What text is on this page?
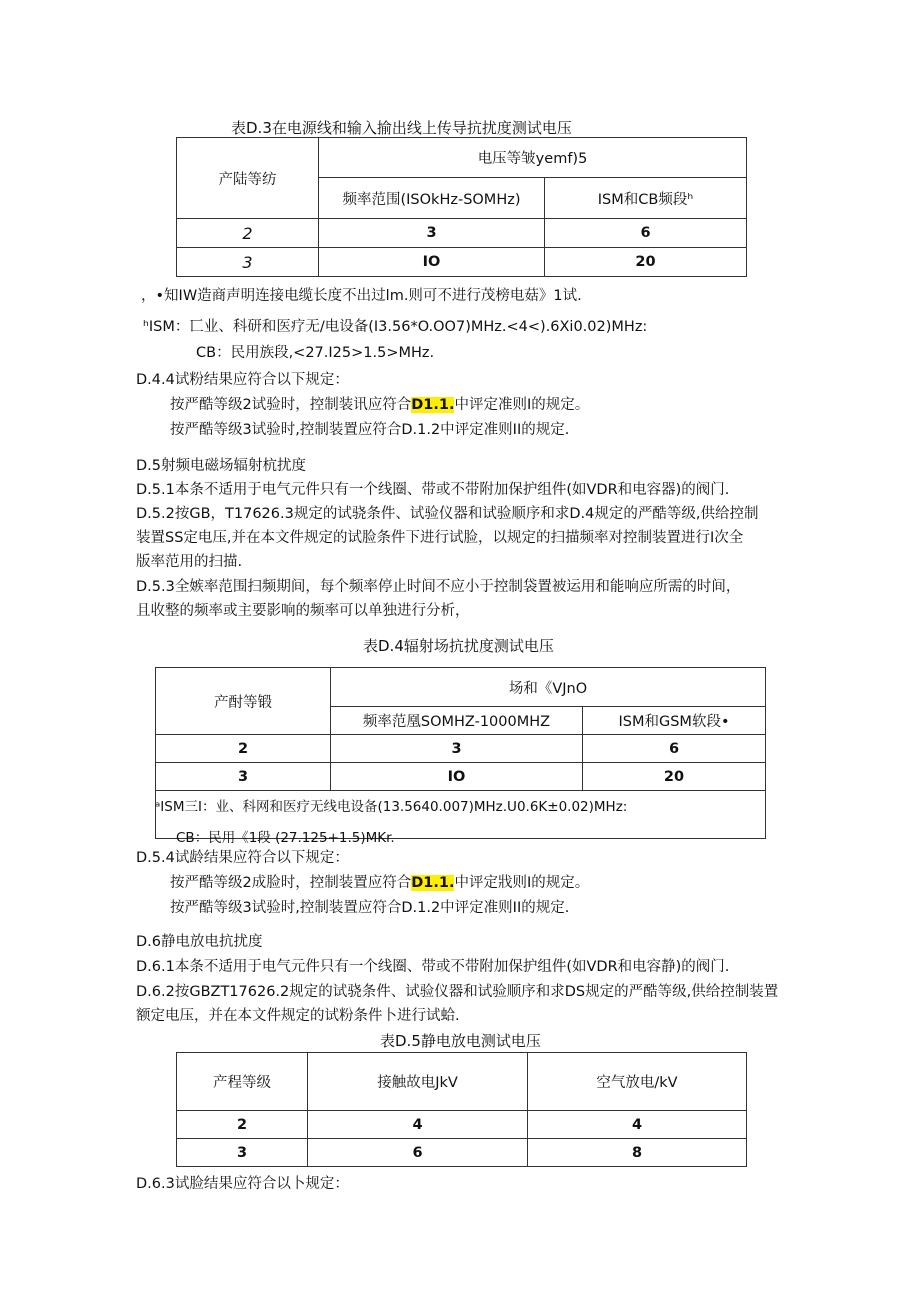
表D.3在电源线和输入揄出线上传导抗扰度测试电压
产陆等纺	电压等皱yemf)5	
	频率范围(ISOkHz-SOMHz)	ISM和CB频段ʰ
2	3	6
3	IO	20
，•知IW造商声明连接电缆长度不出过lm.则可不进行茂榜电菇》1试.
ʰISM：匸业、科研和医疗无/电设备(I3.56*O.OO7)MHz.<4<).6Xi0.02)MHz:
CB：民用族段,<27.I25>1.5>MHz.
D.4.4试粉结果应符合以下规定：
按严酷等级2试验时，控制装讯应符合D1.1.中评定准则I的规定。
按严酷等级3试验时,控制装置应符合D.1.2中评定准则II的规定.
D.5射频电磁场辐射杭扰度
D.5.1本条不适用于电气元件只有一个线圈、带或不带附加保护组件(如VDR和电容器)的阀门.
D.5.2按GB，T17626.3规定的试骁条件、试验仪器和试验顺序和求D.4规定的严酷等级,供给控制
装置SS定电压,并在本文件规定的试脸条件下进行试脸，以规定的扫描频率对控制装置进行I次全
版率范用的扫描.
D.5.3全嫉率范围扫频期间，每个频率停止时间不应小于控制袋置被运用和能响应所需的时间，
且收整的频率或主要影响的频率可以单独进行分析，
表D.4辐射场抗扰度测试电压
产酎等锻	场和《VJnO	
	频率范凰SOMHZ-1000MHZ	ISM和GSM软段•
2	3	6
3	IO	20
ᵃISM三I：业、科网和医疗无线电设备(13.5640.007)MHz.U0.6K±0.02)MHz:
CB：民用《1段 (27.125+1.5)MKr.
D.5.4试龄结果应符合以下规定：
按严酷等级2成脸时，控制装置应符合D1.1.中评定戕则I的规定。
按严酷等级3试验时,控制装置应符合D.1.2中评定准则II的规定.
D.6静电放电抗扰度
D.6.1本条不适用于电气元件只有一个线圈、带或不带附加保护组件(如VDR和电容静)的阀门.
D.6.2按GBZT17626.2规定的试骁条件、试验仪器和试验顺序和求DS规定的严酷等级,供给控制装置
额定电压，并在本文件规定的试粉条件卜进行试蛤.
表D.5静电放电测试电压
产程等级	接触故电JkV	空气放电/kV
2	4	4
3	6	8
D.6.3试脸结果应符合以卜规定：
